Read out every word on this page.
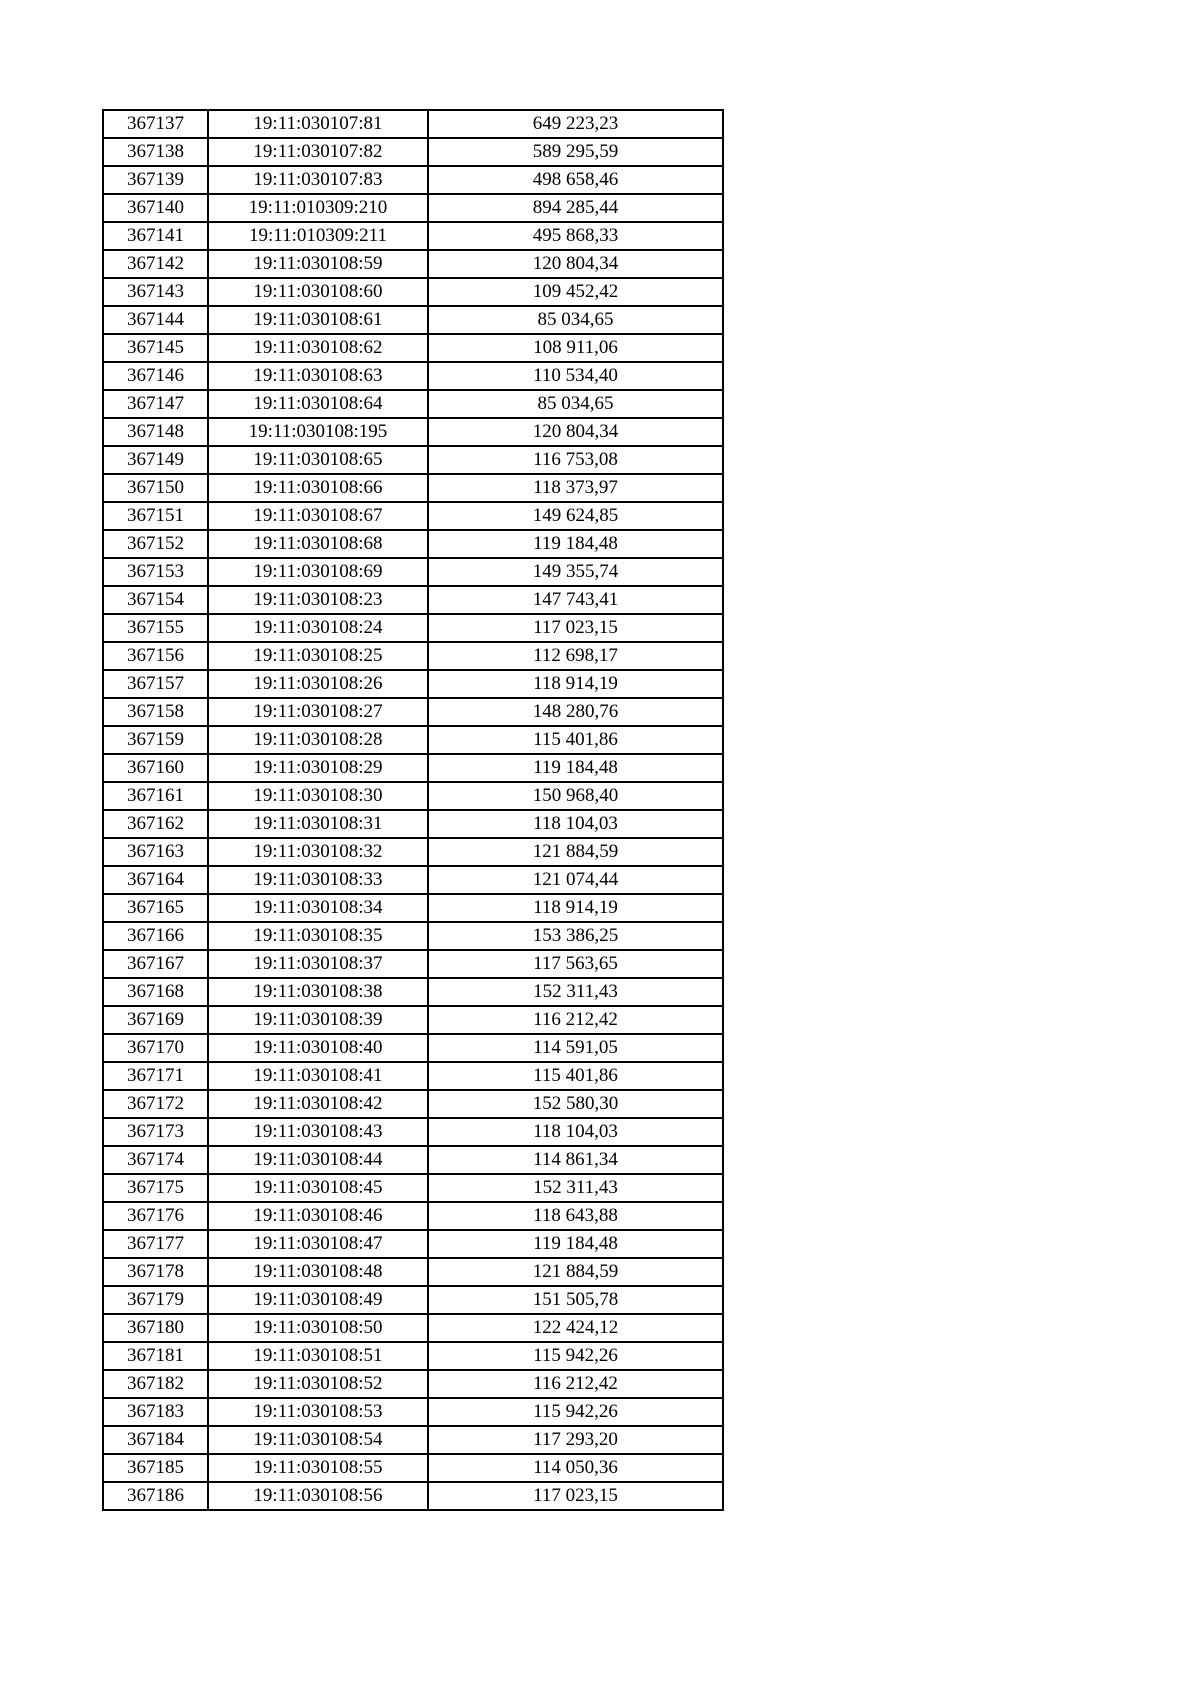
367137	19:11:030107:81	649 223,23
367138	19:11:030107:82	589 295,59
367139	19:11:030107:83	498 658,46
367140	19:11:010309:210	894 285,44
367141	19:11:010309:211	495 868,33
367142	19:11:030108:59	120 804,34
367143	19:11:030108:60	109 452,42
367144	19:11:030108:61	85 034,65
367145	19:11:030108:62	108 911,06
367146	19:11:030108:63	110 534,40
367147	19:11:030108:64	85 034,65
367148	19:11:030108:195	120 804,34
367149	19:11:030108:65	116 753,08
367150	19:11:030108:66	118 373,97
367151	19:11:030108:67	149 624,85
367152	19:11:030108:68	119 184,48
367153	19:11:030108:69	149 355,74
367154	19:11:030108:23	147 743,41
367155	19:11:030108:24	117 023,15
367156	19:11:030108:25	112 698,17
367157	19:11:030108:26	118 914,19
367158	19:11:030108:27	148 280,76
367159	19:11:030108:28	115 401,86
367160	19:11:030108:29	119 184,48
367161	19:11:030108:30	150 968,40
367162	19:11:030108:31	118 104,03
367163	19:11:030108:32	121 884,59
367164	19:11:030108:33	121 074,44
367165	19:11:030108:34	118 914,19
367166	19:11:030108:35	153 386,25
367167	19:11:030108:37	117 563,65
367168	19:11:030108:38	152 311,43
367169	19:11:030108:39	116 212,42
367170	19:11:030108:40	114 591,05
367171	19:11:030108:41	115 401,86
367172	19:11:030108:42	152 580,30
367173	19:11:030108:43	118 104,03
367174	19:11:030108:44	114 861,34
367175	19:11:030108:45	152 311,43
367176	19:11:030108:46	118 643,88
367177	19:11:030108:47	119 184,48
367178	19:11:030108:48	121 884,59
367179	19:11:030108:49	151 505,78
367180	19:11:030108:50	122 424,12
367181	19:11:030108:51	115 942,26
367182	19:11:030108:52	116 212,42
367183	19:11:030108:53	115 942,26
367184	19:11:030108:54	117 293,20
367185	19:11:030108:55	114 050,36
367186	19:11:030108:56	117 023,15
